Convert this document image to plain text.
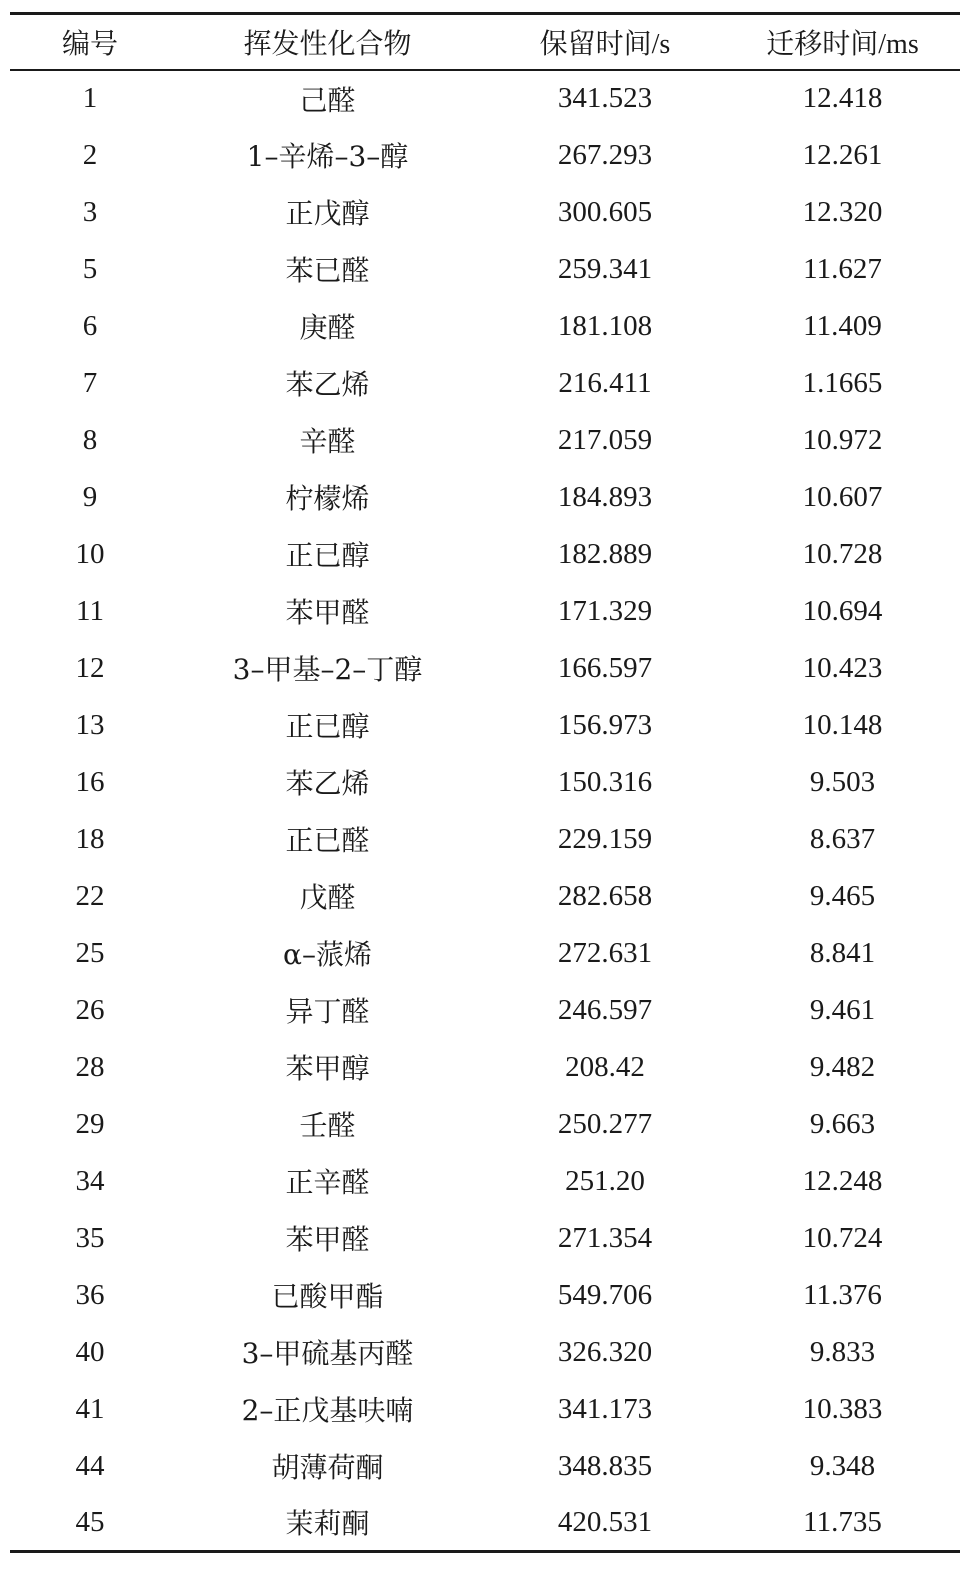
编号	挥发性化合物	保留时间/s	迁移时间/ms
1	己醛	341.523	12.418
2	1–辛烯–3–醇	267.293	12.261
3	正戊醇	300.605	12.320
5	苯已醛	259.341	11.627
6	庚醛	181.108	11.409
7	苯乙烯	216.411	1.1665
8	辛醛	217.059	10.972
9	柠檬烯	184.893	10.607
10	正已醇	182.889	10.728
11	苯甲醛	171.329	10.694
12	3–甲基–2–丁醇	166.597	10.423
13	正已醇	156.973	10.148
16	苯乙烯	150.316	9.503
18	正已醛	229.159	8.637
22	戊醛	282.658	9.465
25	α–蒎烯	272.631	8.841
26	异丁醛	246.597	9.461
28	苯甲醇	208.42	9.482
29	壬醛	250.277	9.663
34	正辛醛	251.20	12.248
35	苯甲醛	271.354	10.724
36	已酸甲酯	549.706	11.376
40	3–甲硫基丙醛	326.320	9.833
41	2–正戊基呋喃	341.173	10.383
44	胡薄荷酮	348.835	9.348
45	茉莉酮	420.531	11.735
